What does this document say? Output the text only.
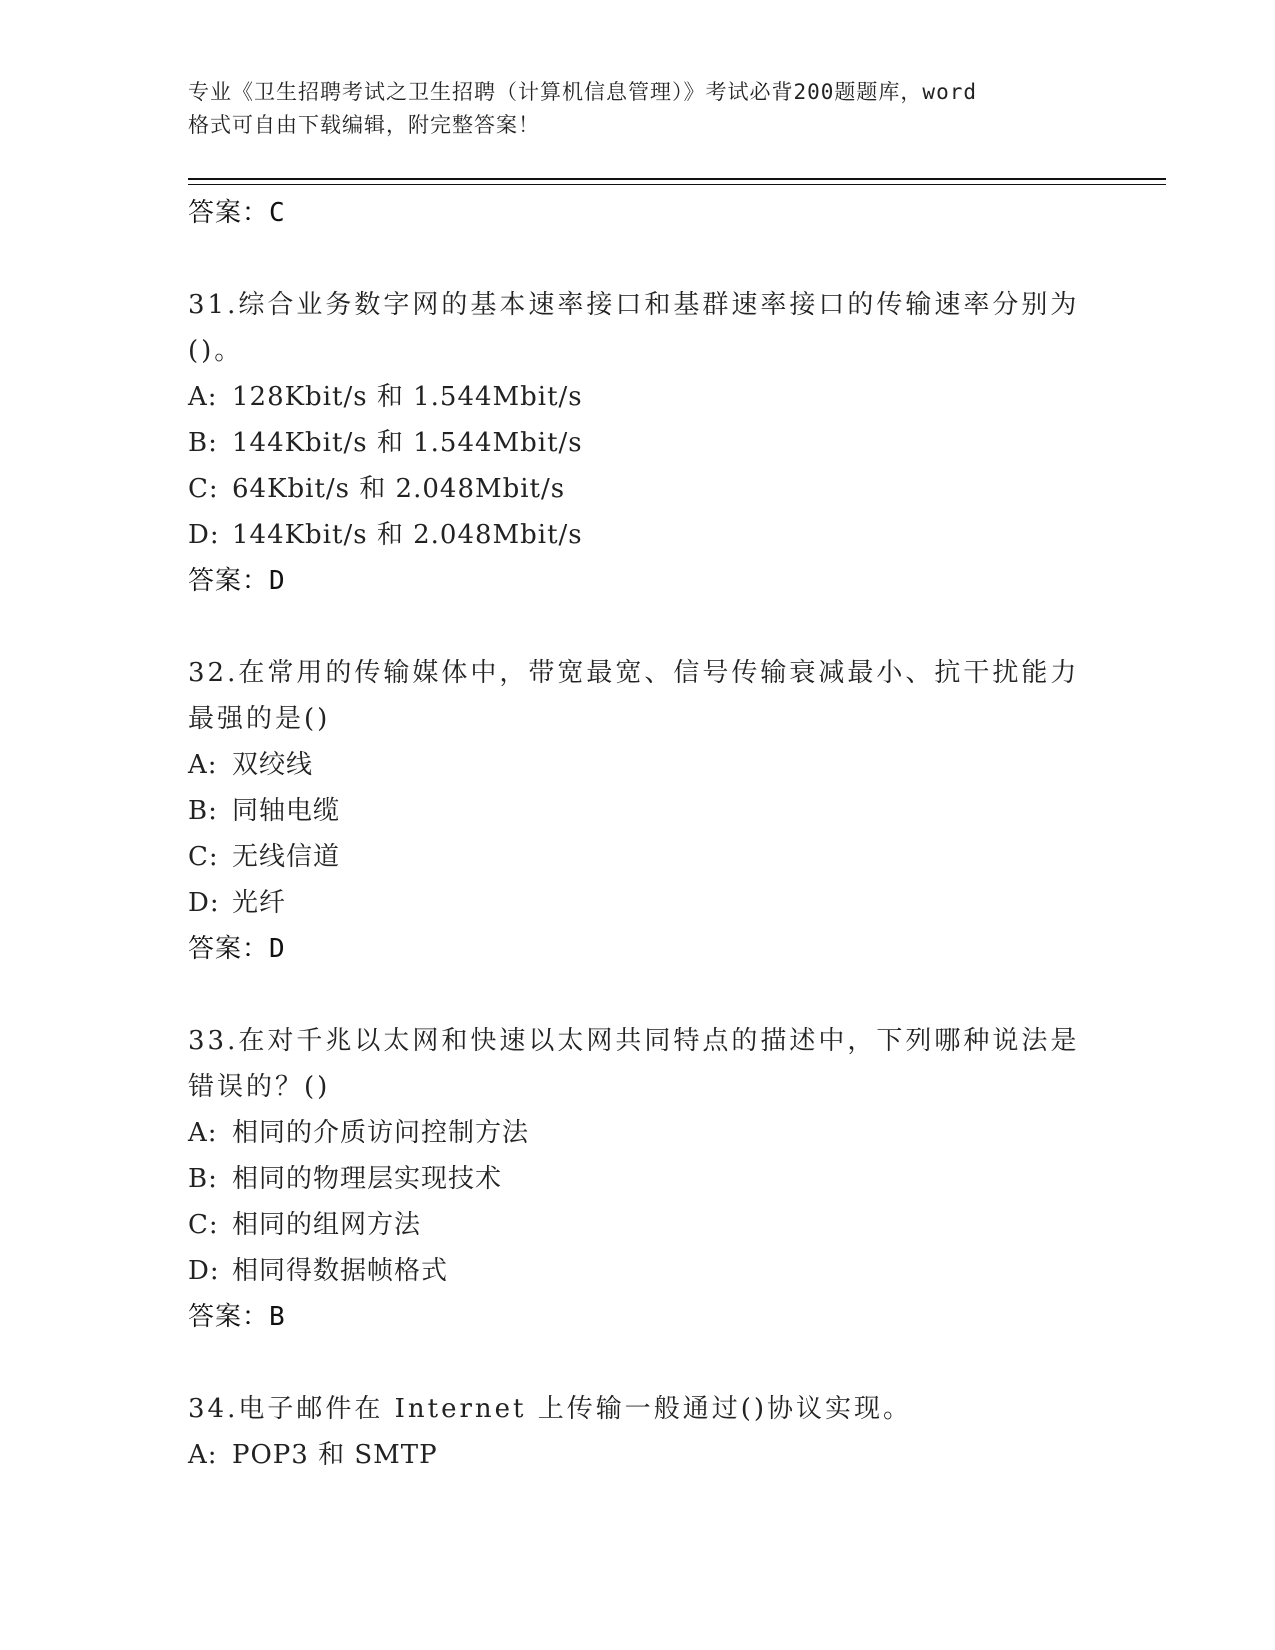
专业《卫生招聘考试之卫生招聘（计算机信息管理）》考试必背200题题库，word
格式可自由下载编辑，附完整答案！
答案：C
31.综合业务数字网的基本速率接口和基群速率接口的传输速率分别为
()。
A: 128Kbit/s 和 1.544Mbit/s
B: 144Kbit/s 和 1.544Mbit/s
C: 64Kbit/s 和 2.048Mbit/s
D: 144Kbit/s 和 2.048Mbit/s
答案：D
32.在常用的传输媒体中，带宽最宽、信号传输衰减最小、抗干扰能力
最强的是()
A: 双绞线
B: 同轴电缆
C: 无线信道
D: 光纤
答案：D
33.在对千兆以太网和快速以太网共同特点的描述中，下列哪种说法是
错误的？()
A: 相同的介质访问控制方法
B: 相同的物理层实现技术
C: 相同的组网方法
D: 相同得数据帧格式
答案：B
34.电子邮件在 Internet 上传输一般通过()协议实现。
A: POP3 和 SMTP
